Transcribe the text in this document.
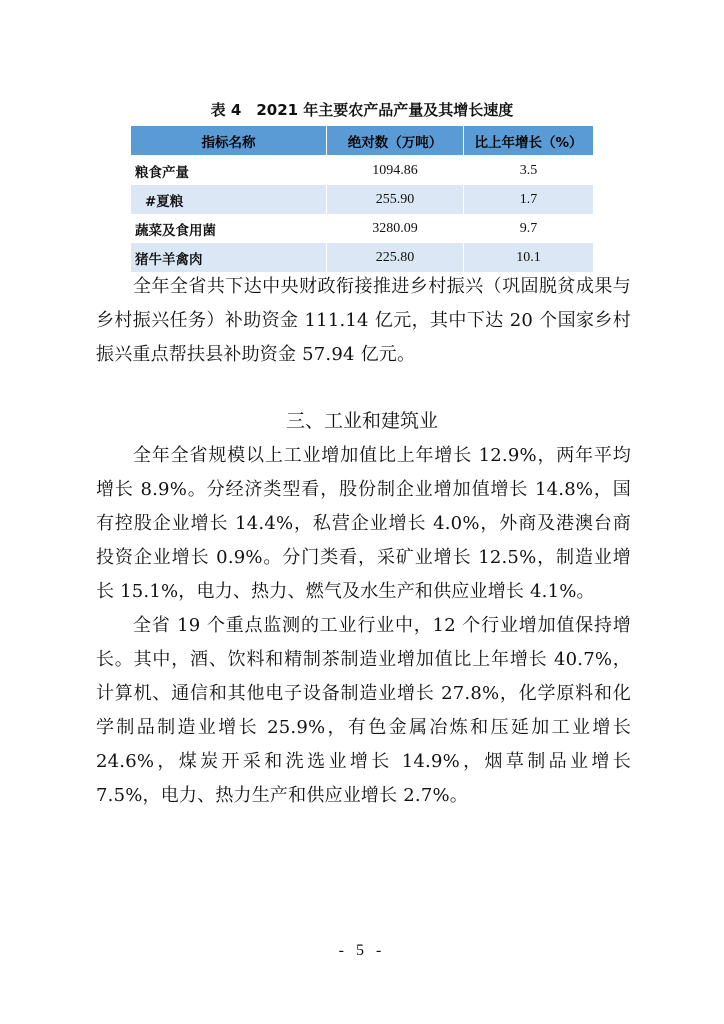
表 4　2021 年主要农产品产量及其增长速度
指标名称	绝对数（万吨）	比上年增长（%）
粮食产量	1094.86	3.5
#夏粮	255.90	1.7
蔬菜及食用菌	3280.09	9.7
猪牛羊禽肉	225.80	10.1

全年全省共下达中央财政衔接推进乡村振兴（巩固脱贫成果与乡村振兴任务）补助资金 111.14 亿元，其中下达 20 个国家乡村振兴重点帮扶县补助资金 57.94 亿元。

三、工业和建筑业

全年全省规模以上工业增加值比上年增长 12.9%，两年平均增长 8.9%。分经济类型看，股份制企业增加值增长 14.8%，国有控股企业增长 14.4%，私营企业增长 4.0%，外商及港澳台商投资企业增长 0.9%。分门类看，采矿业增长 12.5%，制造业增长 15.1%，电力、热力、燃气及水生产和供应业增长 4.1%。

全省 19 个重点监测的工业行业中，12 个行业增加值保持增长。其中，酒、饮料和精制茶制造业增加值比上年增长 40.7%，计算机、通信和其他电子设备制造业增长 27.8%，化学原料和化学制品制造业增长 25.9%，有色金属冶炼和压延加工业增长 24.6%，煤炭开采和洗选业增长 14.9%，烟草制品业增长 7.5%，电力、热力生产和供应业增长 2.7%。

- 5 -
